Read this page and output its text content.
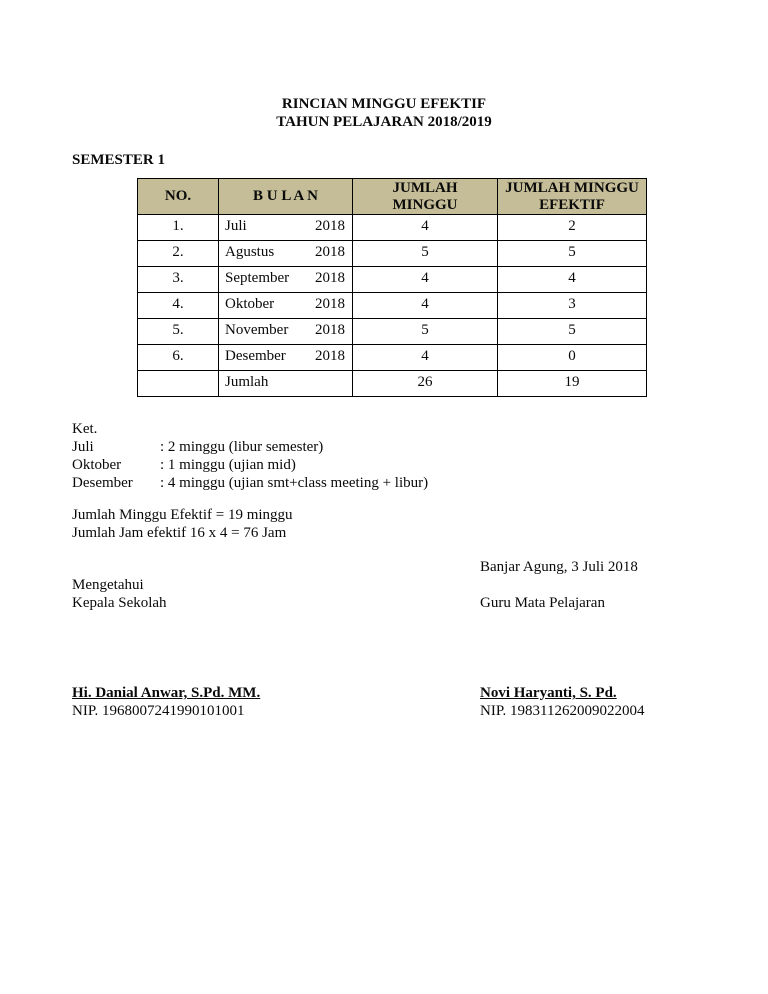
RINCIAN MINGGU EFEKTIF
TAHUN PELAJARAN 2018/2019
SEMESTER 1
NO.	B U L A N	JUMLAH MINGGU	JUMLAH MINGGU EFEKTIF
1.	Juli 2018	4	2
2.	Agustus 2018	5	5
3.	September 2018	4	4
4.	Oktober 2018	4	3
5.	November 2018	5	5
6.	Desember 2018	4	0
	Jumlah	26	19
Ket.
Juli	: 2 minggu (libur semester)
Oktober	: 1 minggu (ujian mid)
Desember : 4 minggu (ujian smt+class meeting + libur)
Jumlah Minggu Efektif = 19 minggu
Jumlah Jam efektif 16 x 4 = 76 Jam
Banjar Agung, 3 Juli 2018
Mengetahui
Kepala Sekolah	Guru Mata Pelajaran
Hi. Danial Anwar, S.Pd. MM.	Novi Haryanti, S. Pd.
NIP. 1968007241990101001	NIP. 198311262009022004
